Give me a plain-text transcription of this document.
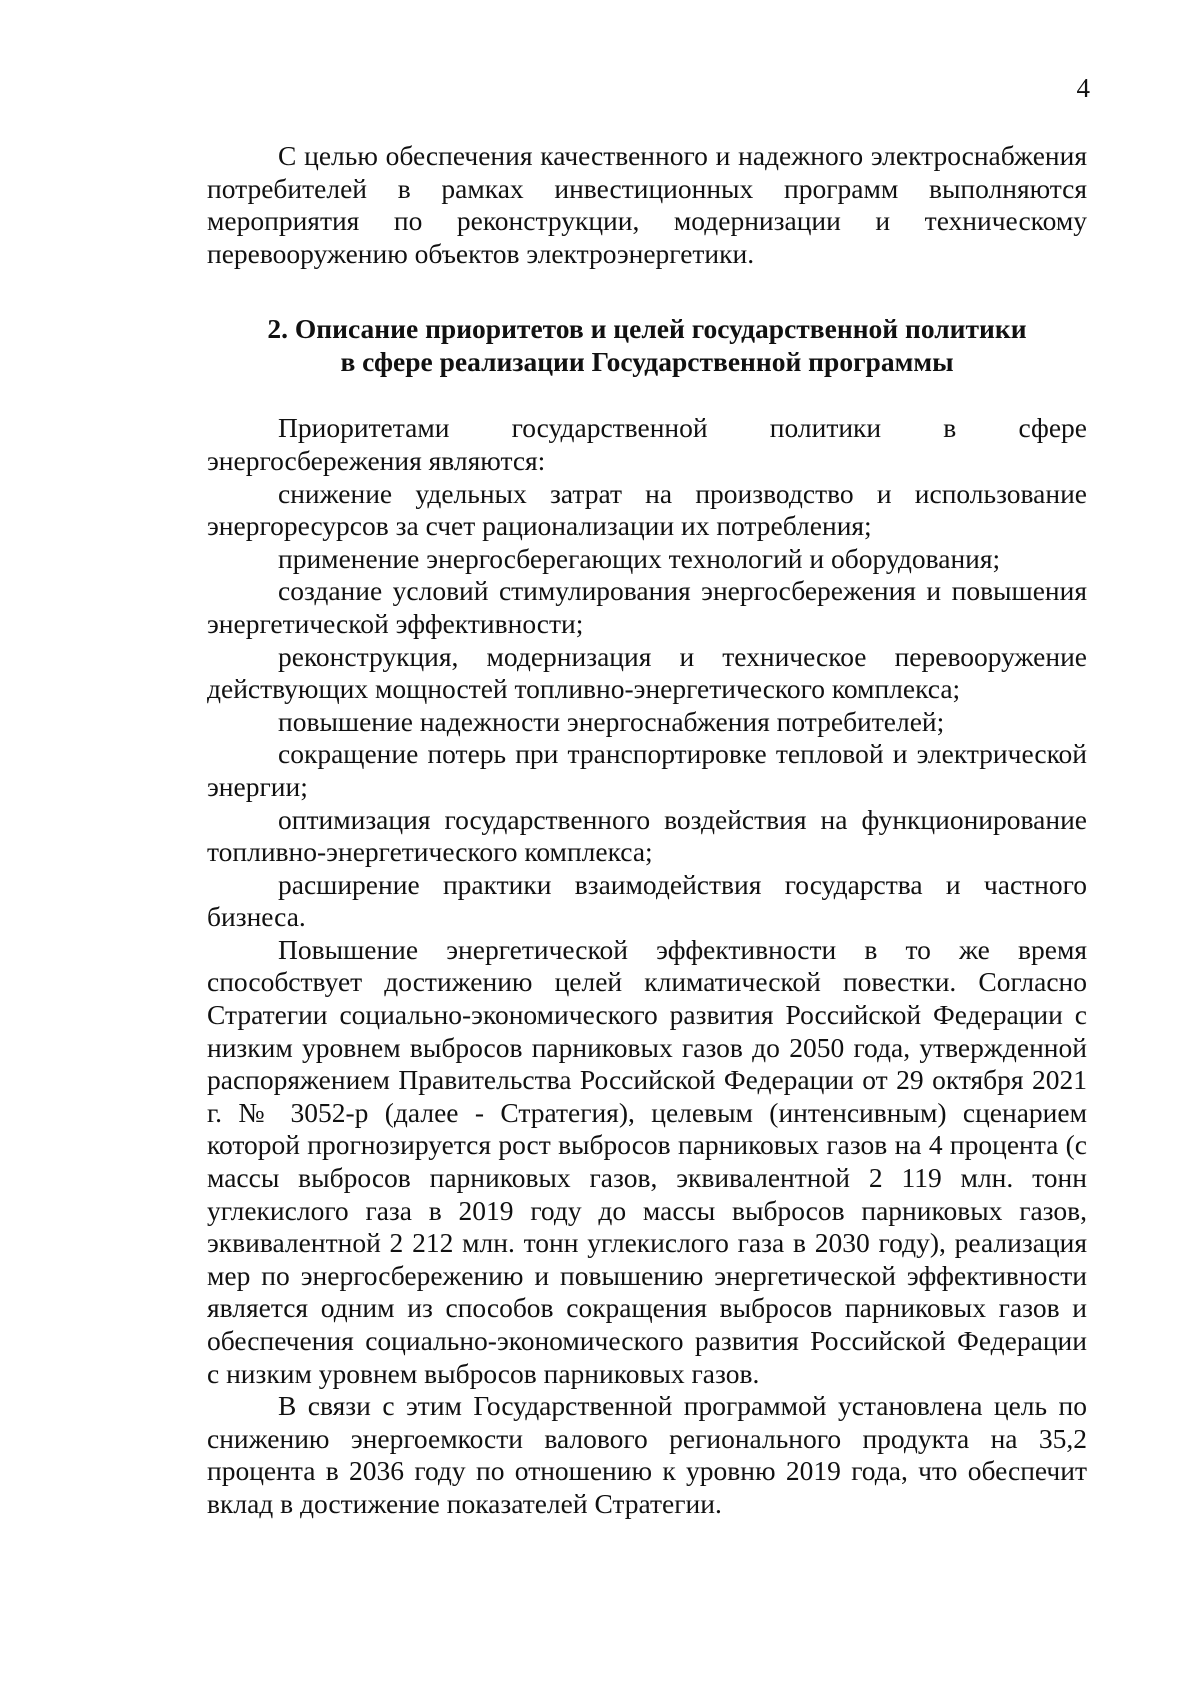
4

С целью обеспечения качественного и надежного электроснабжения потребителей в рамках инвестиционных программ выполняются мероприятия по реконструкции, модернизации и техническому перевооружению объектов электроэнергетики.

2. Описание приоритетов и целей государственной политики
в сфере реализации Государственной программы

Приоритетами государственной политики в сфере энергосбережения являются:

снижение удельных затрат на производство и использование энергоресурсов за счет рационализации их потребления;

применение энергосберегающих технологий и оборудования;

создание условий стимулирования энергосбережения и повышения энергетической эффективности;

реконструкция, модернизация и техническое перевооружение действующих мощностей топливно-энергетического комплекса;

повышение надежности энергоснабжения потребителей;

сокращение потерь при транспортировке тепловой и электрической энергии;

оптимизация государственного воздействия на функционирование топливно-энергетического комплекса;

расширение практики взаимодействия государства и частного бизнеса.

Повышение энергетической эффективности в то же время способствует достижению целей климатической повестки. Согласно Стратегии социально-экономического развития Российской Федерации с низким уровнем выбросов парниковых газов до 2050 года, утвержденной распоряжением Правительства Российской Федерации от 29 октября 2021 г. № 3052-р (далее - Стратегия), целевым (интенсивным) сценарием которой прогнозируется рост выбросов парниковых газов на 4 процента (с массы выбросов парниковых газов, эквивалентной 2 119 млн. тонн углекислого газа в 2019 году до массы выбросов парниковых газов, эквивалентной 2 212 млн. тонн углекислого газа в 2030 году), реализация мер по энергосбережению и повышению энергетической эффективности является одним из способов сокращения выбросов парниковых газов и обеспечения социально-экономического развития Российской Федерации с низким уровнем выбросов парниковых газов.

В связи с этим Государственной программой установлена цель по снижению энергоемкости валового регионального продукта на 35,2 процента в 2036 году по отношению к уровню 2019 года, что обеспечит вклад в достижение показателей Стратегии.
